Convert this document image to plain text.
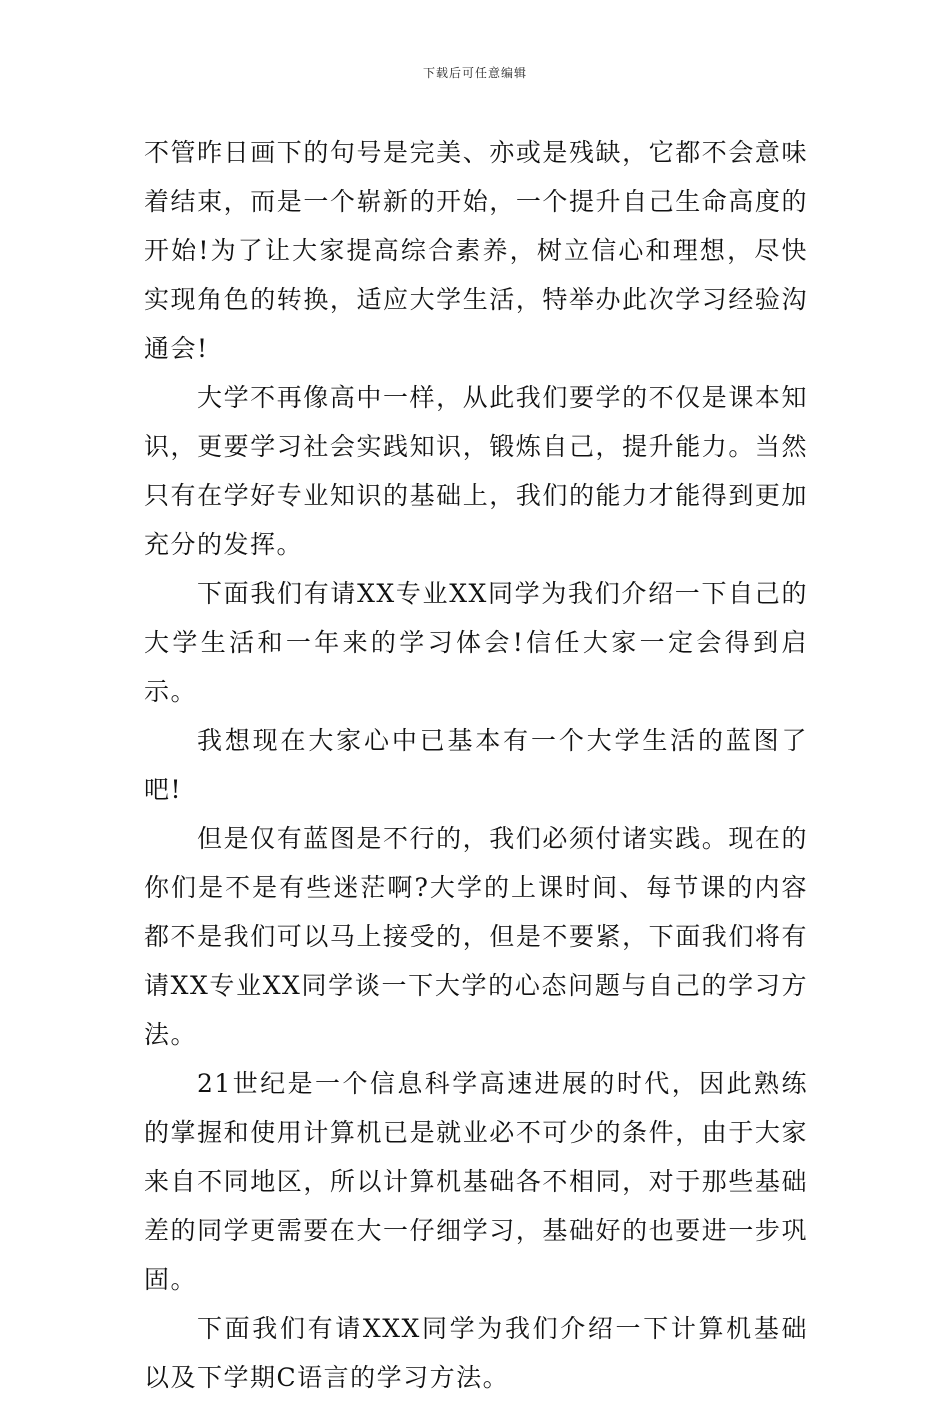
下载后可任意编辑

不管昨日画下的句号是完美、亦或是残缺，它都不会意味着结束，而是一个崭新的开始，一个提升自己生命高度的开始!为了让大家提高综合素养，树立信心和理想，尽快实现角色的转换，适应大学生活，特举办此次学习经验沟通会!

大学不再像高中一样，从此我们要学的不仅是课本知识，更要学习社会实践知识，锻炼自己，提升能力。当然只有在学好专业知识的基础上，我们的能力才能得到更加充分的发挥。

下面我们有请XX专业XX同学为我们介绍一下自己的大学生活和一年来的学习体会!信任大家一定会得到启示。

我想现在大家心中已基本有一个大学生活的蓝图了吧!

但是仅有蓝图是不行的，我们必须付诸实践。现在的你们是不是有些迷茫啊?大学的上课时间、每节课的内容都不是我们可以马上接受的，但是不要紧，下面我们将有请XX专业XX同学谈一下大学的心态问题与自己的学习方法。

21世纪是一个信息科学高速进展的时代，因此熟练的掌握和使用计算机已是就业必不可少的条件，由于大家来自不同地区，所以计算机基础各不相同，对于那些基础差的同学更需要在大一仔细学习，基础好的也要进一步巩固。

下面我们有请XXX同学为我们介绍一下计算机基础以及下学期C语言的学习方法。
